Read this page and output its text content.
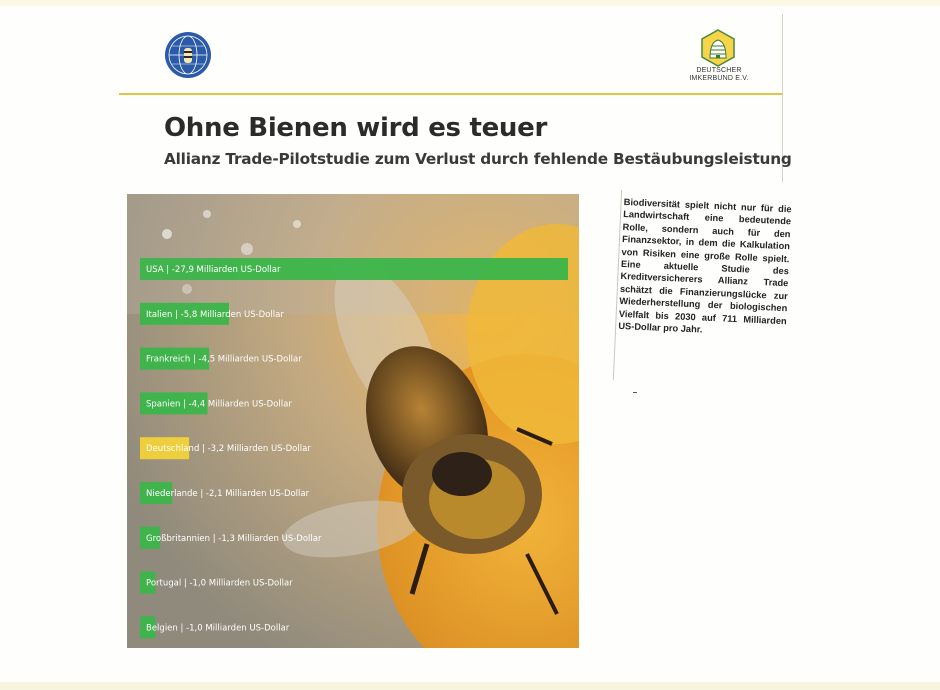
DEUTSCHER
IMKERBUND E.V.
Ohne Bienen wird es teuer
Allianz Trade-Pilotstudie zum Verlust durch fehlende Bestäubungsleistung
USA | -27,9 Milliarden US-Dollar
Italien | -5,8 Milliarden US-Dollar
Frankreich | -4,5 Milliarden US-Dollar
Spanien | -4,4 Milliarden US-Dollar
Deutschland | -3,2 Milliarden US-Dollar
Niederlande | -2,1 Milliarden US-Dollar
Großbritannien | -1,3 Milliarden US-Dollar
Portugal | -1,0 Milliarden US-Dollar
Belgien | -1,0 Milliarden US-Dollar

Biodiversität spielt nicht nur für die Landwirtschaft eine bedeutende Rolle, sondern auch für den Finanzsektor, in dem die Kalkulation von Risiken eine große Rolle spielt. Eine aktuelle Studie des Kreditversicherers Allianz Trade schätzt die Finanzierungslücke zur Wiederherstellung der biologischen Vielfalt bis 2030 auf 711 Milliarden US-Dollar pro Jahr.
